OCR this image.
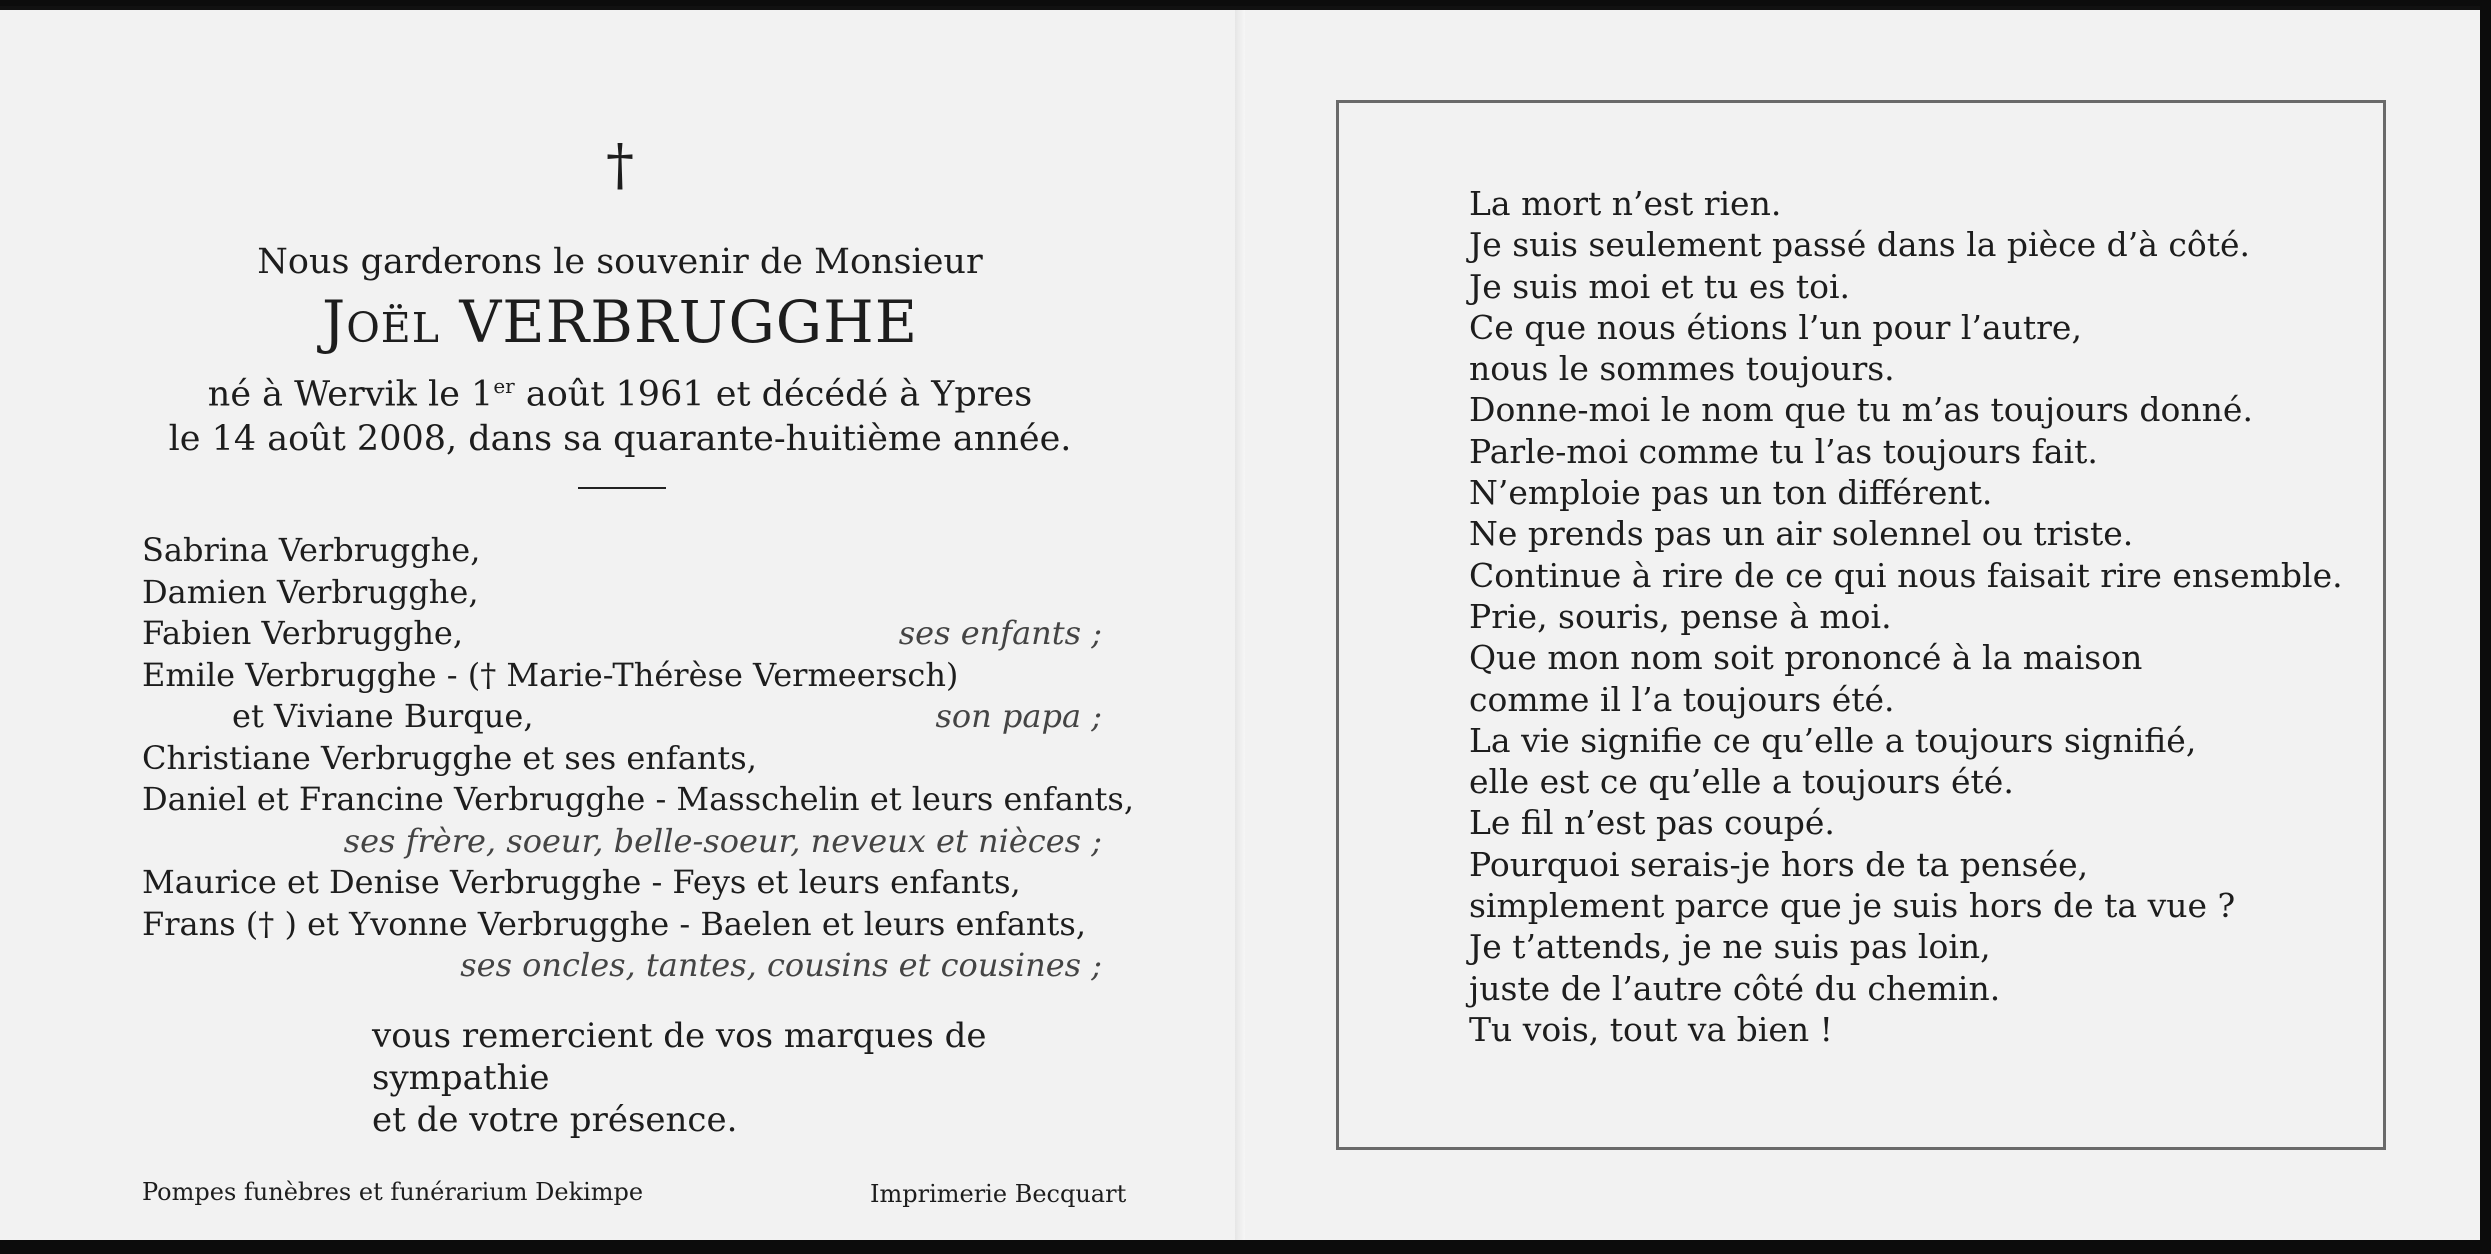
†
Nous garderons le souvenir de Monsieur
Joël VERBRUGGHE
né à Wervik le 1er août 1961 et décédé à Ypres
le 14 août 2008, dans sa quarante-huitième année.
Sabrina Verbrugghe,
Damien Verbrugghe,
Fabien Verbrugghe,	ses enfants ;
Emile Verbrugghe - († Marie-Thérèse Vermeersch)
et Viviane Burque,	son papa ;
Christiane Verbrugghe et ses enfants,
Daniel et Francine Verbrugghe - Masschelin et leurs enfants,
ses frère, soeur, belle-soeur, neveux et nièces ;
Maurice et Denise Verbrugghe - Feys et leurs enfants,
Frans († ) et Yvonne Verbrugghe - Baelen et leurs enfants,
ses oncles, tantes, cousins et cousines ;
vous remercient de vos marques de sympathie
et de votre présence.
Pompes funèbres et funérarium Dekimpe	Imprimerie Becquart
La mort n’est rien.
Je suis seulement passé dans la pièce d’à côté.
Je suis moi et tu es toi.
Ce que nous étions l’un pour l’autre,
nous le sommes toujours.
Donne-moi le nom que tu m’as toujours donné.
Parle-moi comme tu l’as toujours fait.
N’emploie pas un ton différent.
Ne prends pas un air solennel ou triste.
Continue à rire de ce qui nous faisait rire ensemble.
Prie, souris, pense à moi.
Que mon nom soit prononcé à la maison
comme il l’a toujours été.
La vie signifie ce qu’elle a toujours signifié,
elle est ce qu’elle a toujours été.
Le fil n’est pas coupé.
Pourquoi serais-je hors de ta pensée,
simplement parce que je suis hors de ta vue ?
Je t’attends, je ne suis pas loin,
juste de l’autre côté du chemin.
Tu vois, tout va bien !
